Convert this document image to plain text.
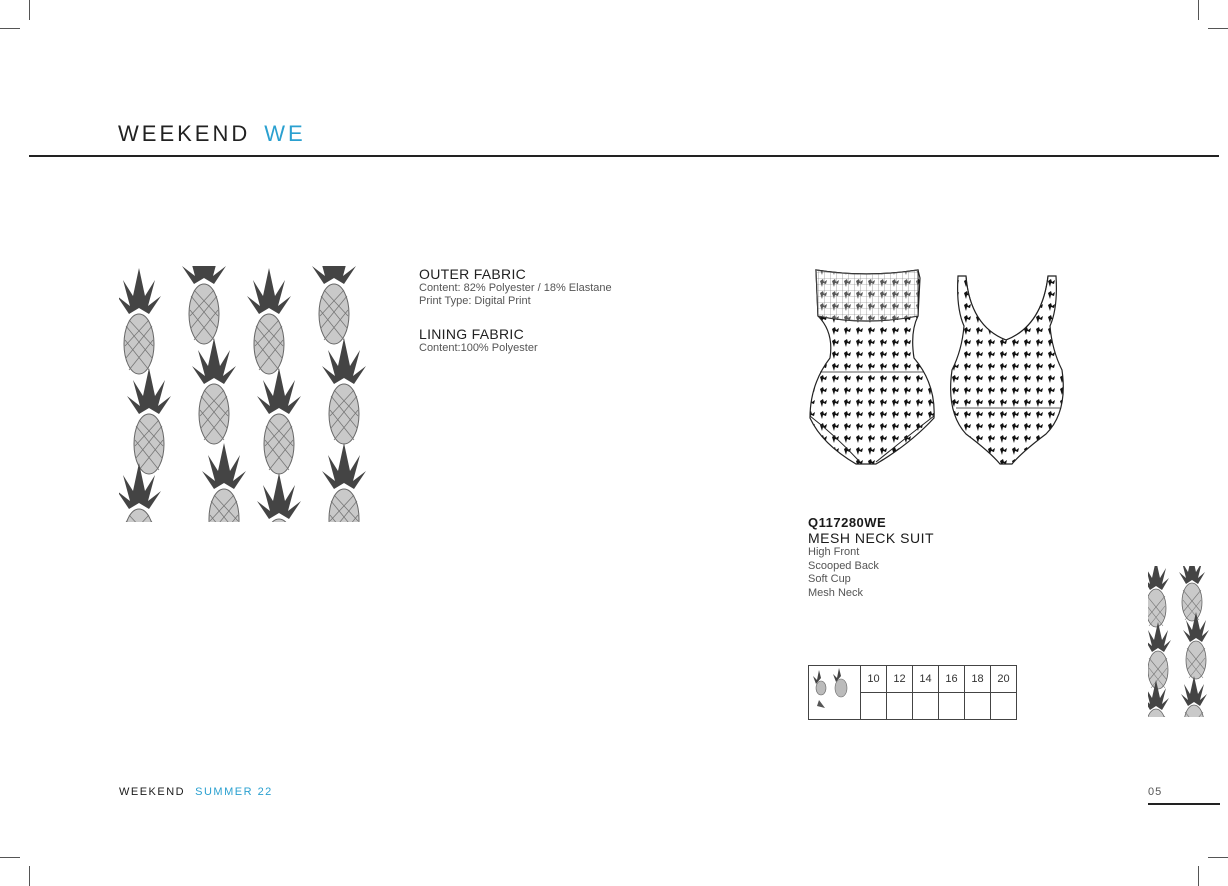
WEEKEND WE
OUTER FABRIC
Content: 82% Polyester / 18% Elastane
Print Type: Digital Print
LINING FABRIC
Content:100% Polyester
Q117280WE
MESH NECK SUIT
High Front
Scooped Back
Soft Cup
Mesh Neck
	10	12	14	16	18	20

WEEKEND SUMMER 22	05
